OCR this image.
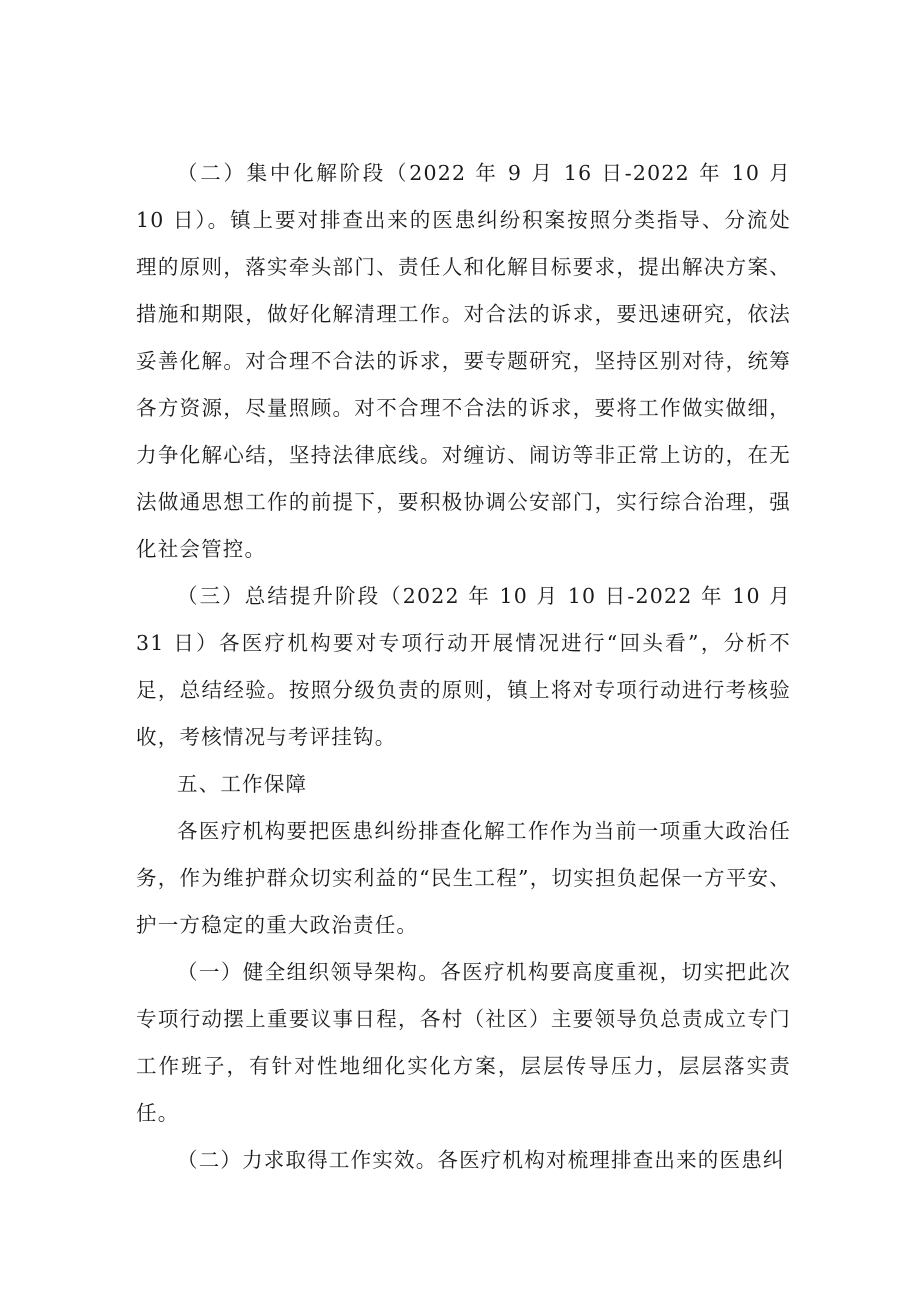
（二）集中化解阶段（2022 年 9 月 16 日-2022 年 10 月 10 日）。镇上要对排查出来的医患纠纷积案按照分类指导、分流处理的原则，落实牵头部门、责任人和化解目标要求，提出解决方案、措施和期限，做好化解清理工作。对合法的诉求，要迅速研究，依法妥善化解。对合理不合法的诉求，要专题研究，坚持区别对待，统筹各方资源，尽量照顾。对不合理不合法的诉求，要将工作做实做细，力争化解心结，坚持法律底线。对缠访、闹访等非正常上访的，在无法做通思想工作的前提下，要积极协调公安部门，实行综合治理，强化社会管控。

（三）总结提升阶段（2022 年 10 月 10 日-2022 年 10 月 31 日）各医疗机构要对专项行动开展情况进行“回头看”，分析不足，总结经验。按照分级负责的原则，镇上将对专项行动进行考核验收，考核情况与考评挂钩。

五、工作保障

各医疗机构要把医患纠纷排查化解工作作为当前一项重大政治任务，作为维护群众切实利益的“民生工程”，切实担负起保一方平安、护一方稳定的重大政治责任。

（一）健全组织领导架构。各医疗机构要高度重视，切实把此次专项行动摆上重要议事日程，各村（社区）主要领导负总责成立专门工作班子，有针对性地细化实化方案，层层传导压力，层层落实责任。

（二）力求取得工作实效。各医疗机构对梳理排查出来的医患纠
